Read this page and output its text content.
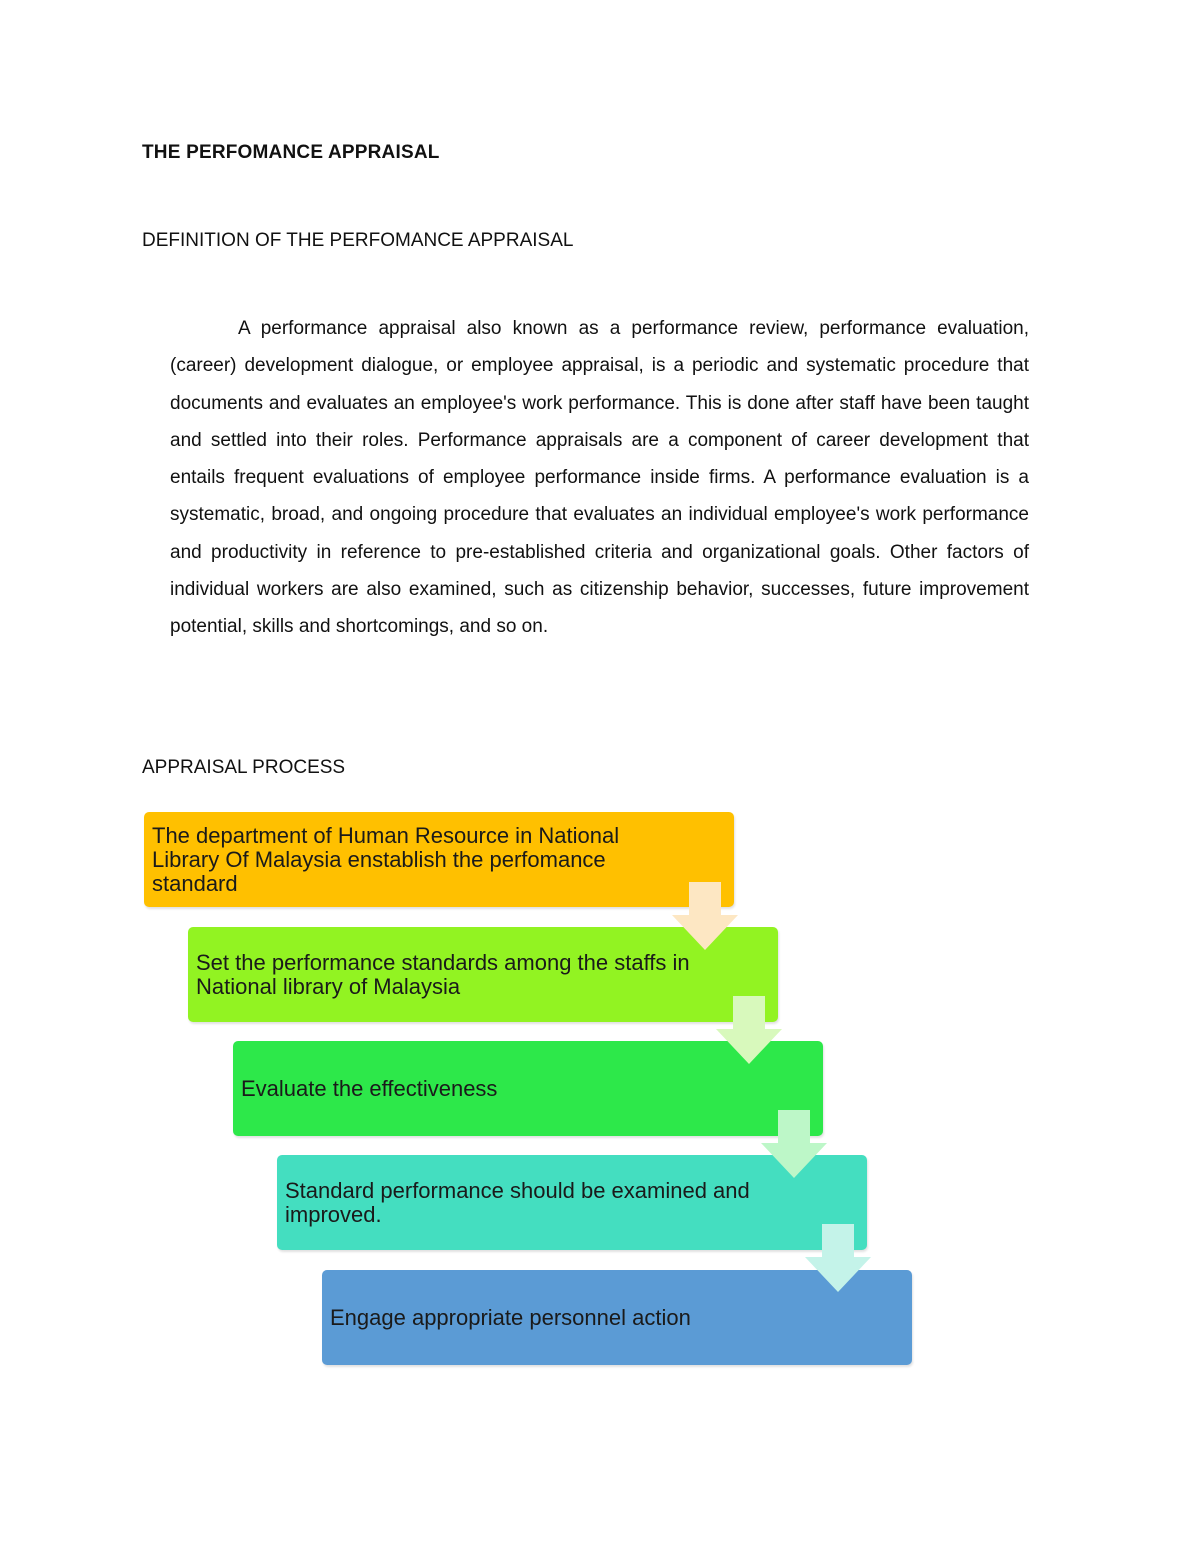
THE PERFOMANCE APPRAISAL
DEFINITION OF THE PERFOMANCE APPRAISAL

A performance appraisal also known as a performance review, performance evaluation, (career) development dialogue, or employee appraisal, is a periodic and systematic procedure that documents and evaluates an employee's work performance. This is done after staff have been taught and settled into their roles. Performance appraisals are a component of career development that entails frequent evaluations of employee performance inside firms. A performance evaluation is a systematic, broad, and ongoing procedure that evaluates an individual employee's work performance and productivity in reference to pre-established criteria and organizational goals. Other factors of individual workers are also examined, such as citizenship behavior, successes, future improvement potential, skills and shortcomings, and so on.

APPRAISAL PROCESS
The department of Human Resource in National Library Of Malaysia enstablish the perfomance standard
Set the performance standards among the staffs in National library of Malaysia
Evaluate the effectiveness
Standard performance should be examined and improved.
Engage appropriate personnel action
